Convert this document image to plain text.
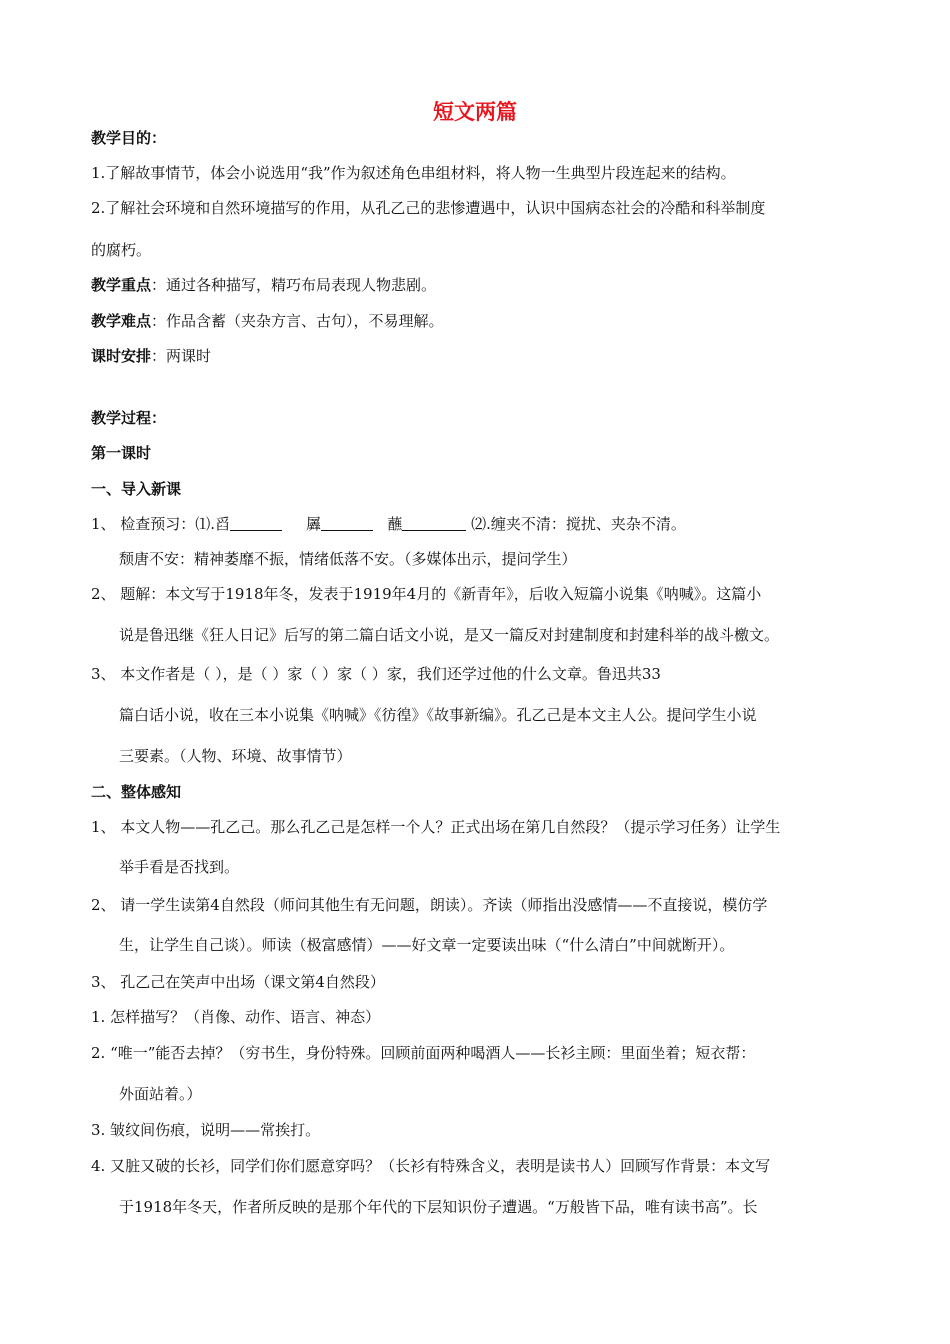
短文两篇
教学目的：
1.了解故事情节，体会小说选用“我”作为叙述角色串组材料，将人物一生典型片段连起来的结构。
2.了解社会环境和自然环境描写的作用，从孔乙己的悲惨遭遇中，认识中国病态社会的冷酷和科举制度
的腐朽。
教学重点：通过各种描写，精巧布局表现人物悲剧。
教学难点：作品含蓄（夹杂方言、古句），不易理解。
课时安排：两课时
教学过程：
第一课时
一、导入新课
1、 检查预习：⑴.舀	羼	蘸	⑵.缠夹不清：搅扰、夹杂不清。
颓唐不安：精神萎靡不振，情绪低落不安。（多媒体出示，提问学生）
2、 题解：本文写于1918年冬，发表于1919年4月的《新青年》，后收入短篇小说集《呐喊》。这篇小
说是鲁迅继《狂人日记》后写的第二篇白话文小说，是又一篇反对封建制度和封建科举的战斗檄文。
3、 本文作者是（ ），是（ ）家（ ）家（ ）家，我们还学过他的什么文章。鲁迅共33
篇白话小说，收在三本小说集《呐喊》《彷徨》《故事新编》。孔乙己是本文主人公。提问学生小说
三要素。（人物、环境、故事情节）
二、整体感知
1、 本文人物——孔乙己。那么孔乙己是怎样一个人？正式出场在第几自然段？（提示学习任务）让学生
举手看是否找到。
2、 请一学生读第4自然段（师问其他生有无问题，朗读）。齐读（师指出没感情——不直接说，模仿学
生，让学生自己谈）。师读（极富感情）——好文章一定要读出味（“什么清白”中间就断开）。
3、 孔乙己在笑声中出场（课文第4自然段）
1. 怎样描写？（肖像、动作、语言、神态）
2. “唯一”能否去掉？（穷书生，身份特殊。回顾前面两种喝酒人——长衫主顾：里面坐着；短衣帮：
外面站着。）
3. 皱纹间伤痕，说明——常挨打。
4. 又脏又破的长衫，同学们你们愿意穿吗？（长衫有特殊含义，表明是读书人）回顾写作背景：本文写
于1918年冬天，作者所反映的是那个年代的下层知识份子遭遇。“万般皆下品，唯有读书高”。长
